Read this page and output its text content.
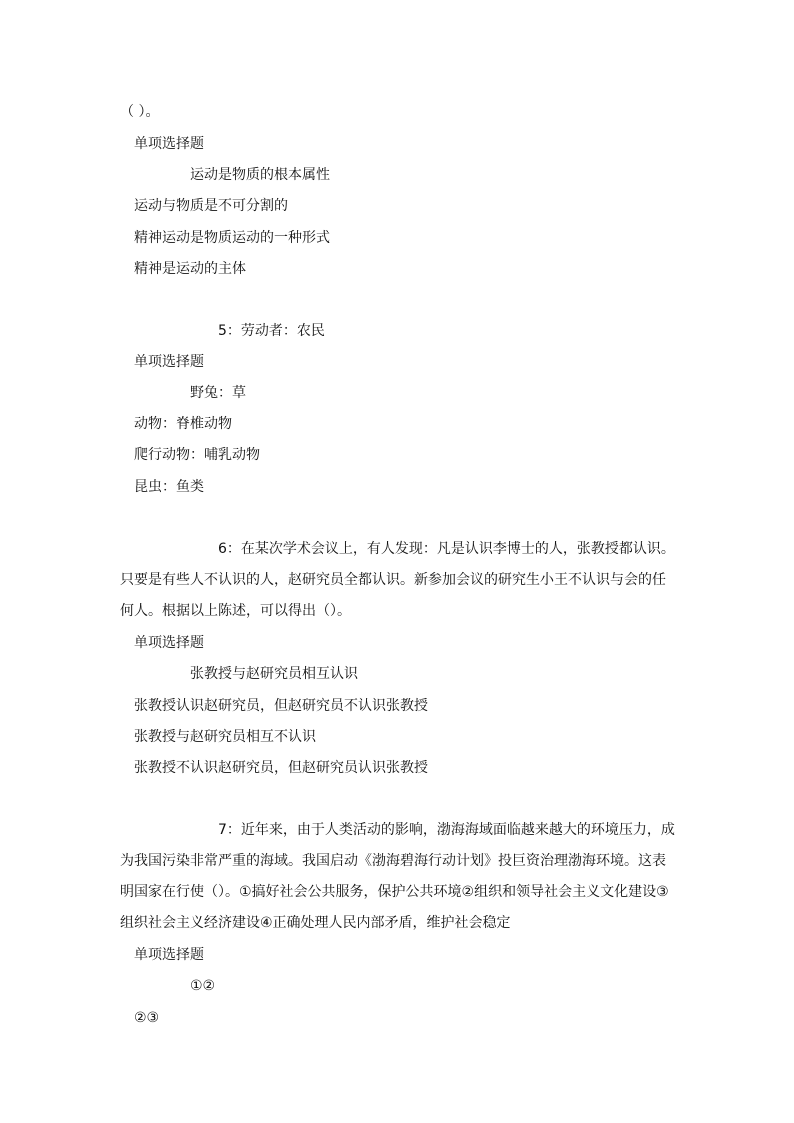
（ ）。
单项选择题
运动是物质的根本属性
运动与物质是不可分割的
精神运动是物质运动的一种形式
精神是运动的主体
5：劳动者：农民
单项选择题
野兔：草
动物：脊椎动物
爬行动物：哺乳动物
昆虫：鱼类
6：在某次学术会议上，有人发现：凡是认识李博士的人，张教授都认识。只要是有些人不认识的人，赵研究员全都认识。新参加会议的研究生小王不认识与会的任何人。根据以上陈述，可以得出（）。
单项选择题
张教授与赵研究员相互认识
张教授认识赵研究员，但赵研究员不认识张教授
张教授与赵研究员相互不认识
张教授不认识赵研究员，但赵研究员认识张教授
7：近年来，由于人类活动的影响，渤海海域面临越来越大的环境压力，成为我国污染非常严重的海域。我国启动《渤海碧海行动计划》投巨资治理渤海环境。这表明国家在行使（）。①搞好社会公共服务，保护公共环境②组织和领导社会主义文化建设③组织社会主义经济建设④正确处理人民内部矛盾，维护社会稳定
单项选择题
①②
②③
